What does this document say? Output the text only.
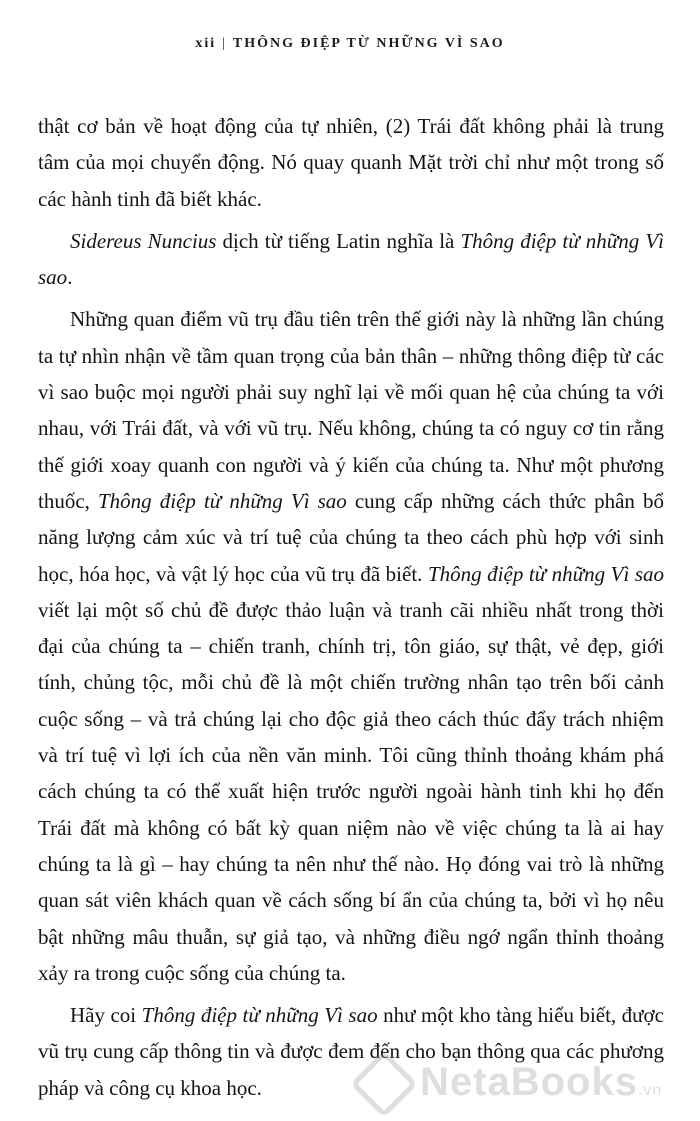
xii | THÔNG ĐIỆP TỪ NHỮNG VÌ SAO

thật cơ bản về hoạt động của tự nhiên, (2) Trái đất không phải là trung tâm của mọi chuyển động. Nó quay quanh Mặt trời chỉ như một trong số các hành tinh đã biết khác.

Sidereus Nuncius dịch từ tiếng Latin nghĩa là Thông điệp từ những Vì sao.

Những quan điểm vũ trụ đầu tiên trên thế giới này là những lần chúng ta tự nhìn nhận về tầm quan trọng của bản thân – những thông điệp từ các vì sao buộc mọi người phải suy nghĩ lại về mối quan hệ của chúng ta với nhau, với Trái đất, và với vũ trụ. Nếu không, chúng ta có nguy cơ tin rằng thế giới xoay quanh con người và ý kiến của chúng ta. Như một phương thuốc, Thông điệp từ những Vì sao cung cấp những cách thức phân bổ năng lượng cảm xúc và trí tuệ của chúng ta theo cách phù hợp với sinh học, hóa học, và vật lý học của vũ trụ đã biết. Thông điệp từ những Vì sao viết lại một số chủ đề được thảo luận và tranh cãi nhiều nhất trong thời đại của chúng ta – chiến tranh, chính trị, tôn giáo, sự thật, vẻ đẹp, giới tính, chủng tộc, mỗi chủ đề là một chiến trường nhân tạo trên bối cảnh cuộc sống – và trả chúng lại cho độc giả theo cách thúc đẩy trách nhiệm và trí tuệ vì lợi ích của nền văn minh. Tôi cũng thỉnh thoảng khám phá cách chúng ta có thể xuất hiện trước người ngoài hành tinh khi họ đến Trái đất mà không có bất kỳ quan niệm nào về việc chúng ta là ai hay chúng ta là gì – hay chúng ta nên như thế nào. Họ đóng vai trò là những quan sát viên khách quan về cách sống bí ẩn của chúng ta, bởi vì họ nêu bật những mâu thuẫn, sự giả tạo, và những điều ngớ ngẩn thỉnh thoảng xảy ra trong cuộc sống của chúng ta.

Hãy coi Thông điệp từ những Vì sao như một kho tàng hiểu biết, được vũ trụ cung cấp thông tin và được đem đến cho bạn thông qua các phương pháp và công cụ khoa học.	NetaBooks.vn
